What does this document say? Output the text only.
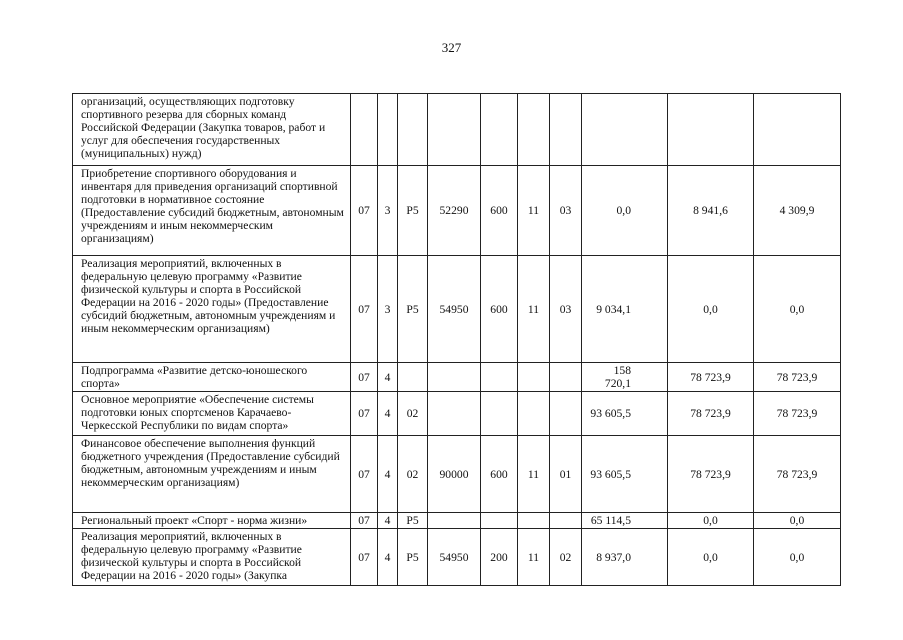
327
организаций, осуществляющих подготовку спортивного резерва для сборных команд Российской Федерации (Закупка товаров, работ и услуг для обеспечения государственных (муниципальных) нужд)										
Приобретение спортивного оборудования и инвентаря для приведения организаций спортивной подготовки в нормативное состояние (Предоставление субсидий бюджетным, автономным учреждениям и иным некоммерческим организациям)	07	3	P5	52290	600	11	03	0,0	8 941,6	4 309,9
Реализация мероприятий, включенных в федеральную целевую программу «Развитие физической культуры и спорта в Российской Федерации на 2016 - 2020 годы» (Предоставление субсидий бюджетным, автономным учреждениям и иным некоммерческим организациям)	07	3	P5	54950	600	11	03	9 034,1	0,0	0,0
Подпрограмма «Развитие детско-юношеского спорта»	07	4						158 720,1	78 723,9	78 723,9
Основное мероприятие «Обеспечение системы подготовки юных спортсменов Карачаево-Черкесской Республики по видам спорта»	07	4	02					93 605,5	78 723,9	78 723,9
Финансовое обеспечение выполнения функций бюджетного учреждения (Предоставление субсидий бюджетным, автономным учреждениям и иным некоммерческим организациям)	07	4	02	90000	600	11	01	93 605,5	78 723,9	78 723,9
Региональный проект «Спорт - норма жизни»	07	4	P5					65 114,5	0,0	0,0
Реализация мероприятий, включенных в федеральную целевую программу «Развитие физической культуры и спорта в Российской Федерации на 2016 - 2020 годы» (Закупка	07	4	P5	54950	200	11	02	8 937,0	0,0	0,0
